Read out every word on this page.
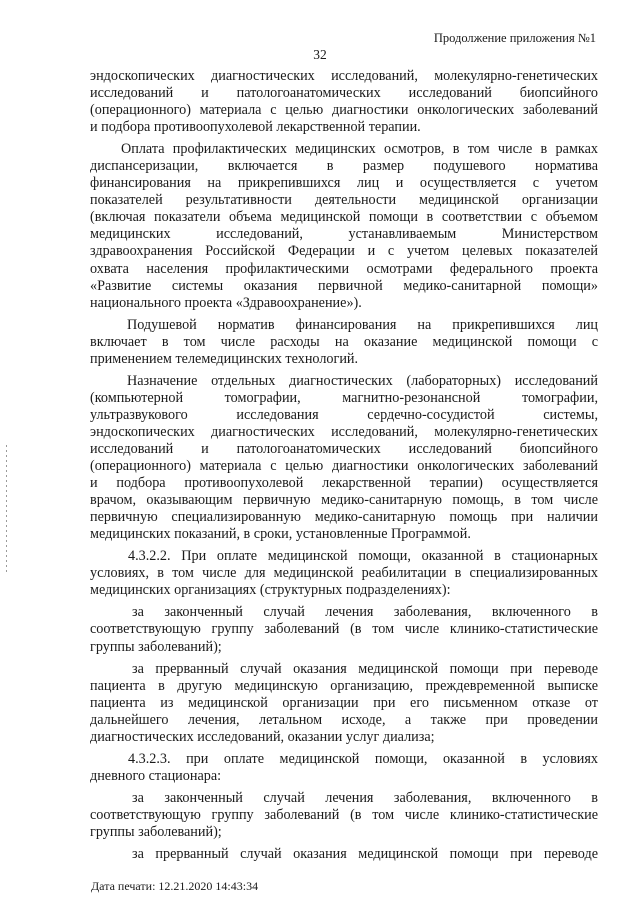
Продолжение приложения №1
32

эндоскопических диагностических исследований, молекулярно-генетических

исследований и патологоанатомических исследований биопсийного

(операционного) материала с целью диагностики онкологических заболеваний

и подбора противоопухолевой лекарственной терапии.

Оплата профилактических медицинских осмотров, в том числе в рамках

диспансеризации, включается в размер подушевого норматива

финансирования на прикрепившихся лиц и осуществляется с учетом

показателей результативности деятельности медицинской организации

(включая показатели объема медицинской помощи в соответствии с объемом

медицинских исследований, устанавливаемым Министерством

здравоохранения Российской Федерации и с учетом целевых показателей

охвата населения профилактическими осмотрами федерального проекта

«Развитие системы оказания первичной медико-санитарной помощи»

национального проекта «Здравоохранение»).

Подушевой норматив финансирования на прикрепившихся лиц

включает в том числе расходы на оказание медицинской помощи с

применением телемедицинских технологий.

Назначение отдельных диагностических (лабораторных) исследований

(компьютерной томографии, магнитно-резонансной томографии,

ультразвукового исследования сердечно-сосудистой системы,

эндоскопических диагностических исследований, молекулярно-генетических

исследований и патологоанатомических исследований биопсийного

(операционного) материала с целью диагностики онкологических заболеваний

и подбора противоопухолевой лекарственной терапии) осуществляется

врачом, оказывающим первичную медико-санитарную помощь, в том числе

первичную специализированную медико-санитарную помощь при наличии

медицинских показаний, в сроки, установленные Программой.

4.3.2.2. При оплате медицинской помощи, оказанной в стационарных

условиях, в том числе для медицинской реабилитации в специализированных

медицинских организациях (структурных подразделениях):

за законченный случай лечения заболевания, включенного в

соответствующую группу заболеваний (в том числе клинико-статистические

группы заболеваний);

за прерванный случай оказания медицинской помощи при переводе

пациента в другую медицинскую организацию, преждевременной выписке

пациента из медицинской организации при его письменном отказе от

дальнейшего лечения, летальном исходе, а также при проведении

диагностических исследований, оказании услуг диализа;

4.3.2.3. при оплате медицинской помощи, оказанной в условиях

дневного стационара:

за законченный случай лечения заболевания, включенного в

соответствующую группу заболеваний (в том числе клинико-статистические

группы заболеваний);

за прерванный случай оказания медицинской помощи при переводе

Дата печати: 12.21.2020 14:43:34
